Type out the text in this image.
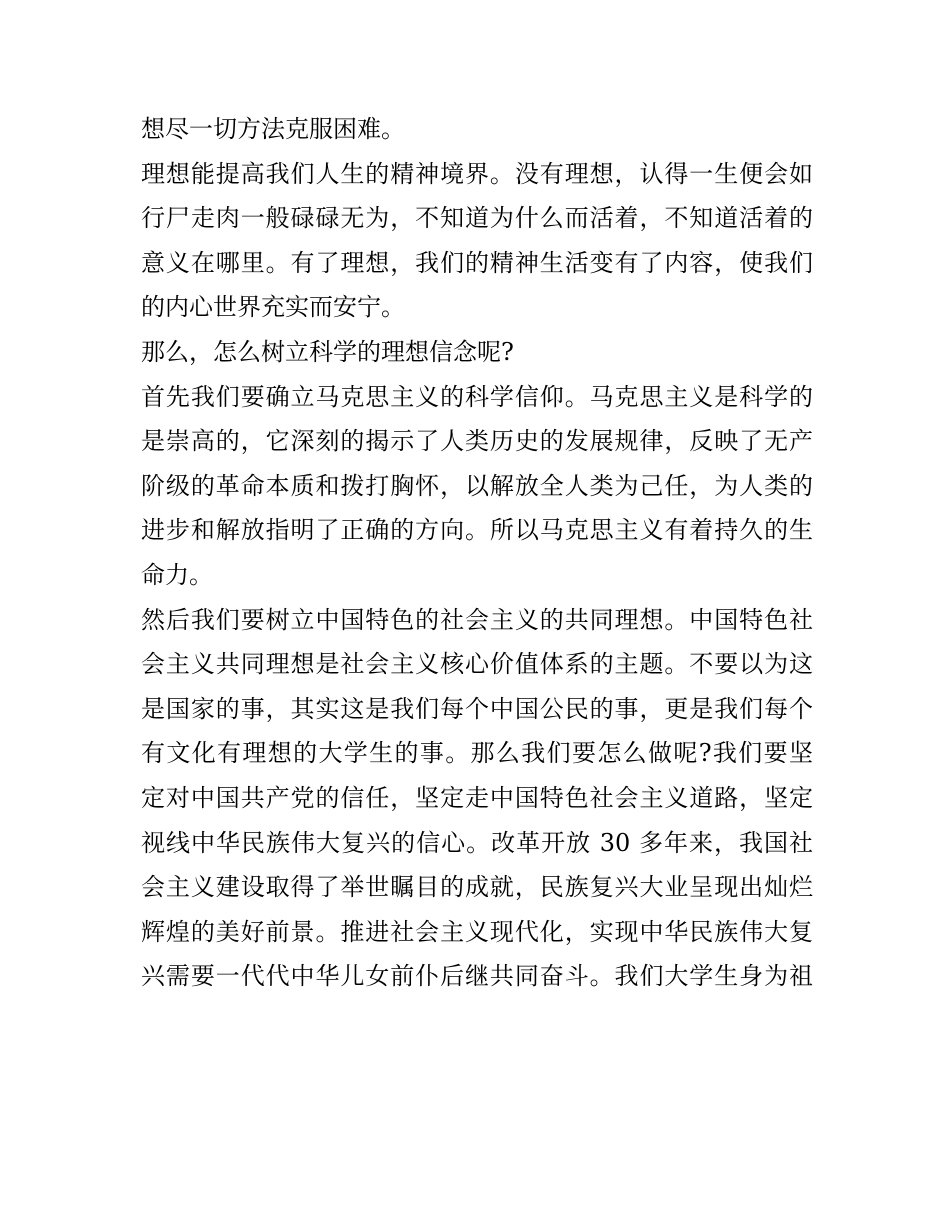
想尽一切方法克服困难。
理想能提高我们人生的精神境界。没有理想，认得一生便会如
行尸走肉一般碌碌无为，不知道为什么而活着，不知道活着的
意义在哪里。有了理想，我们的精神生活变有了内容，使我们
的内心世界充实而安宁。
那么，怎么树立科学的理想信念呢?
首先我们要确立马克思主义的科学信仰。马克思主义是科学的
是崇高的，它深刻的揭示了人类历史的发展规律，反映了无产
阶级的革命本质和拨打胸怀，以解放全人类为己任，为人类的
进步和解放指明了正确的方向。所以马克思主义有着持久的生
命力。
然后我们要树立中国特色的社会主义的共同理想。中国特色社
会主义共同理想是社会主义核心价值体系的主题。不要以为这
是国家的事，其实这是我们每个中国公民的事，更是我们每个
有文化有理想的大学生的事。那么我们要怎么做呢?我们要坚
定对中国共产党的信任，坚定走中国特色社会主义道路，坚定
视线中华民族伟大复兴的信心。改革开放 30 多年来，我国社
会主义建设取得了举世瞩目的成就，民族复兴大业呈现出灿烂
辉煌的美好前景。推进社会主义现代化，实现中华民族伟大复
兴需要一代代中华儿女前仆后继共同奋斗。我们大学生身为祖
